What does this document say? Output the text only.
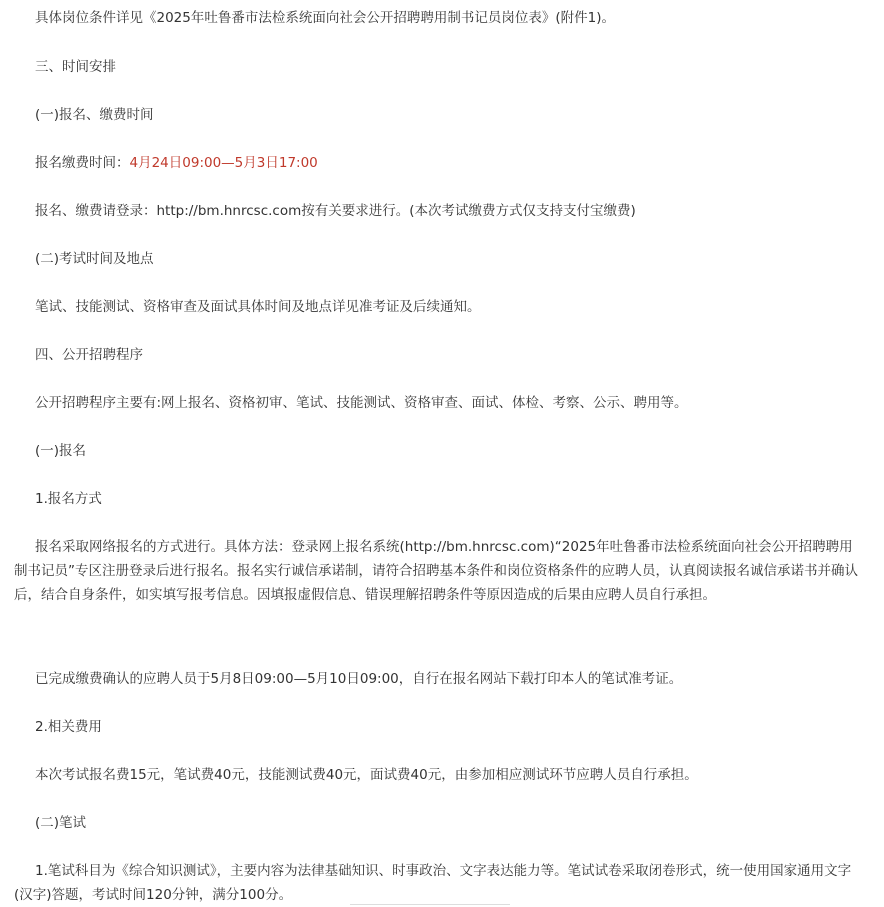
具体岗位条件详见《2025年吐鲁番市法检系统面向社会公开招聘聘用制书记员岗位表》(附件1)。
三、时间安排
(一)报名、缴费时间
报名缴费时间：4月24日09:00—5月3日17:00
报名、缴费请登录：http://bm.hnrcsc.com按有关要求进行。(本次考试缴费方式仅支持支付宝缴费)
(二)考试时间及地点
笔试、技能测试、资格审查及面试具体时间及地点详见准考证及后续通知。
四、公开招聘程序
公开招聘程序主要有:网上报名、资格初审、笔试、技能测试、资格审查、面试、体检、考察、公示、聘用等。
(一)报名
1.报名方式
报名采取网络报名的方式进行。具体方法：登录网上报名系统(http://bm.hnrcsc.com)“2025年吐鲁番市法检系统面向社会公开招聘聘用制书记员”专区注册登录后进行报名。报名实行诚信承诺制，请符合招聘基本条件和岗位资格条件的应聘人员，认真阅读报名诚信承诺书并确认后，结合自身条件，如实填写报考信息。因填报虚假信息、错误理解招聘条件等原因造成的后果由应聘人员自行承担。
已完成缴费确认的应聘人员于5月8日09:00—5月10日09:00，自行在报名网站下载打印本人的笔试准考证。
2.相关费用
本次考试报名费15元，笔试费40元，技能测试费40元，面试费40元，由参加相应测试环节应聘人员自行承担。
(二)笔试
1.笔试科目为《综合知识测试》，主要内容为法律基础知识、时事政治、文字表达能力等。笔试试卷采取闭卷形式，统一使用国家通用文字(汉字)答题，考试时间120分钟，满分100分。
